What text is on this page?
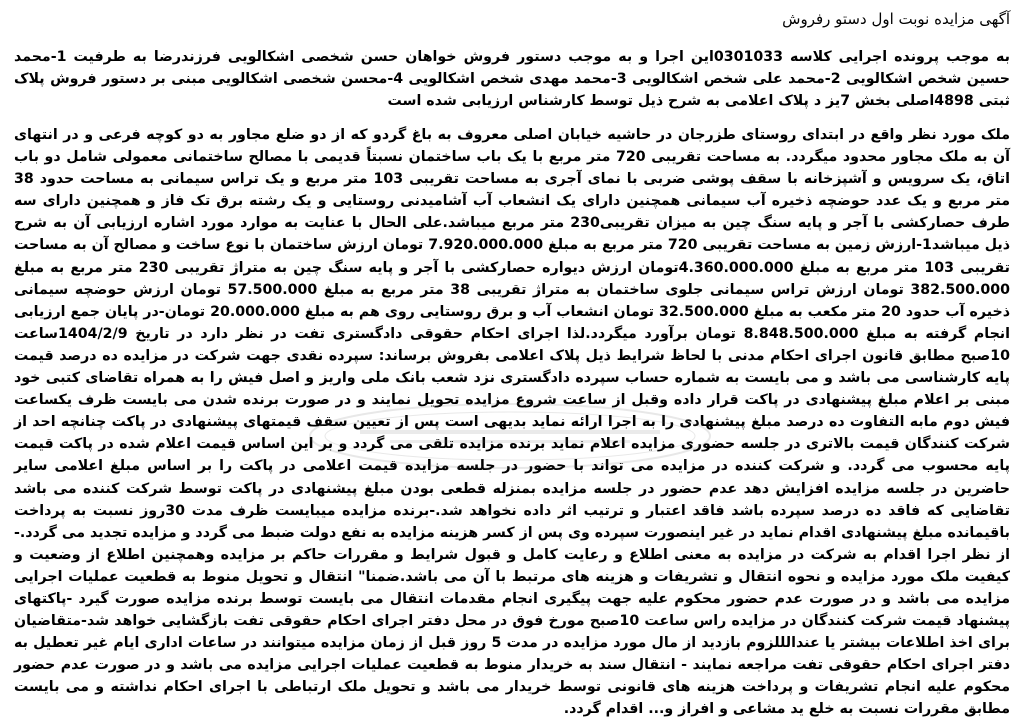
آگهی مزایده نوبت اول دستو رفروش

به موجب پرونده اجرایی کلاسه 0301033این اجرا و به موجب دستور فروش خواهان حسن شخصی اشکالویی فرزندرضا به طرفیت 1-محمد حسین شخص اشکالویی 2-محمد علی شخص اشکالویی 3-محمد مهدی شخص اشکالویی 4-محسن شخصی اشکالویی مبنی بر دستور فروش پلاک ثبتی 4898اصلی بخش 7یز د پلاک اعلامی به شرح ذیل توسط کارشناس ارزیابی شده است

ملک مورد نظر واقع در ابتدای روستای طزرجان در حاشیه خیابان اصلی معروف به باغ گردو که از دو ضلع مجاور به دو کوچه فرعی و در انتهای آن به ملک مجاور محدود میگردد. به مساحت تقریبی 720 متر مربع با یک باب ساختمان نسبتاً قدیمی با مصالح ساختمانی معمولی شامل دو باب اتاق، یک سرویس و آشپزخانه با سقف پوشی ضربی با نمای آجری به مساحت تقریبی 103 متر مربع و یک تراس سیمانی به مساحت حدود 38 متر مربع و یک عدد حوضچه ذخیره آب سیمانی همچنین دارای یک انشعاب آب آشامیدنی روستایی و یک رشته برق تک فاز و همچنین دارای سه طرف حصارکشی با آجر و پایه سنگ چین به میزان تقریبی230 متر مربع میباشد.علی الحال با عنایت به موارد مورد اشاره ارزیابی آن به شرح ذیل میباشد1-ارزش زمین به مساحت تقریبی 720 متر مربع به مبلغ 7.920.000.000 تومان ارزش ساختمان با نوع ساخت و مصالح آن به مساحت تقریبی 103 متر مربع به مبلغ 4.360.000.000تومان ارزش دیواره حصارکشی با آجر و پایه سنگ چین به متراژ تقریبی 230 متر مربع به مبلغ 382.500.000 تومان ارزش تراس سیمانی جلوی ساختمان به متراژ تقریبی 38 متر مربع به مبلغ 57.500.000 تومان ارزش حوضچه سیمانی ذخیره آب حدود 20 متر مکعب به مبلغ 32.500.000 تومان انشعاب آب و برق روستایی روی هم به مبلغ 20.000.000 تومان-در پایان جمع ارزیابی انجام گرفته به مبلغ 8.848.500.000 تومان برآورد میگردد.لذا اجرای احکام حقوقی دادگستری تفت در نظر دارد در تاریخ 1404/2/9ساعت 10صبح مطابق قانون اجرای احکام مدنی با لحاظ شرایط ذیل پلاک اعلامی بفروش برساند: سپرده نقدی جهت شرکت در مزایده ده درصد قیمت پایه کارشناسی می باشد و می بایست به شماره حساب سپرده دادگستری نزد شعب بانک ملی واریز و اصل فیش را به همراه تقاضای کتبی خود مبنی بر اعلام مبلغ پیشنهادی در پاکت قرار داده وقبل از ساعت شروع مزایده تحویل نمایند و در صورت برنده شدن می بایست ظرف یکساعت فیش دوم مابه التفاوت ده درصد مبلغ پیشنهادی را به اجرا ارائه نماید بدیهی است پس از تعیین سقف قیمتهای پیشنهادی در پاکت چنانچه احد از شرکت کنندگان قیمت بالاتری در جلسه حضوری مزایده اعلام نماید برنده مزایده تلقی می گردد و بر این اساس قیمت اعلام شده در پاکت قیمت پایه محسوب می گردد. و شرکت کننده در مزایده می تواند با حضور در جلسه مزایده قیمت اعلامی در پاکت را بر اساس مبلغ اعلامی سایر حاضرین در جلسه مزایده افزایش دهد عدم حضور در جلسه مزایده بمنزله قطعی بودن مبلغ پیشنهادی در پاکت توسط شرکت کننده می باشد تقاضایی که فاقد ده درصد سپرده باشد فاقد اعتبار و ترتیب اثر داده نخواهد شد.-برنده مزایده میبایست ظرف مدت 30روز نسبت به پرداخت باقیمانده مبلغ پیشنهادی اقدام نماید در غیر اینصورت سپرده وی پس از کسر هزینه مزایده به نفع دولت ضبط می گردد و مزایده تجدید می گردد.-از نظر اجرا اقدام به شرکت در مزایده به معنی اطلاع و رعایت کامل و قبول شرایط و مقررات حاکم بر مزایده وهمچنین اطلاع از وضعیت و کیفیت ملک مورد مزایده و نحوه انتقال و تشریفات و هزینه های مرتبط با آن می باشد.ضمنا" انتقال و تحویل منوط به قطعیت عملیات اجرایی مزایده می باشد و در صورت عدم حضور محکوم علیه جهت پیگیری انجام مقدمات انتقال می بایست توسط برنده مزایده صورت گیرد -پاکتهای پیشنهاد قیمت شرکت کنندگان در مزایده راس ساعت 10صبح مورخ فوق در محل دفتر اجرای احکام حقوقی تفت بازگشایی خواهد شد-متقاضیان برای اخذ اطلاعات بیشتر یا عندالللزوم بازدید از مال مورد مزایده در مدت 5 روز قبل از زمان مزایده میتوانند در ساعات اداری ایام غیر تعطیل به دفتر اجرای احکام حقوقی تفت مراجعه نمایند - انتقال سند به خریدار منوط به قطعیت عملیات اجرایی مزایده می باشد و در صورت عدم حضور محکوم علیه انجام تشریفات و پرداخت هزینه های قانونی توسط خریدار می باشد و تحویل ملک ارتباطی با اجرای احکام نداشته و می بایست مطابق مقررات نسبت به خلع ید مشاعی و افراز و... اقدام گردد.
